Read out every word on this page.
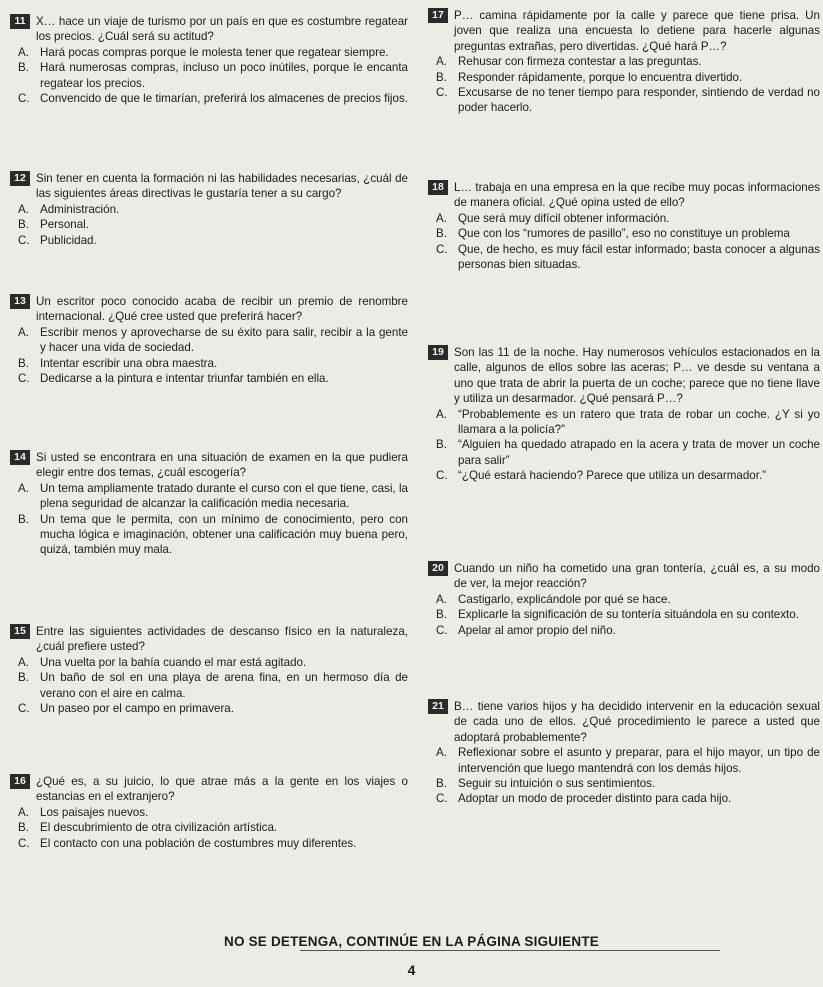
11 X… hace un viaje de turismo por un país en que es costumbre regatear los precios. ¿Cuál será su actitud?
A. Hará pocas compras porque le molesta tener que regatear siempre.
B. Hará numerosas compras, incluso un poco inútiles, porque le encanta regatear los precios.
C. Convencido de que le timarían, preferirá los almacenes de precios fijos.
12 Sin tener en cuenta la formación ni las habilidades necesarias, ¿cuál de las siguientes áreas directivas le gustaría tener a su cargo?
A. Administración.
B. Personal.
C. Publicidad.
13 Un escritor poco conocido acaba de recibir un premio de renombre internacional. ¿Qué cree usted que preferirá hacer?
A. Escribir menos y aprovecharse de su éxito para salir, recibir a la gente y hacer una vida de sociedad.
B. Intentar escribir una obra maestra.
C. Dedicarse a la pintura e intentar triunfar también en ella.
14 Si usted se encontrara en una situación de examen en la que pudiera elegir entre dos temas, ¿cuál escogería?
A. Un tema ampliamente tratado durante el curso con el que tiene, casi, la plena seguridad de alcanzar la calificación media necesaria.
B. Un tema que le permita, con un mínimo de conocimiento, pero con mucha lógica e imaginación, obtener una calificación muy buena pero, quizá, también muy mala.
15 Entre las siguientes actividades de descanso físico en la naturaleza, ¿cuál prefiere usted?
A. Una vuelta por la bahía cuando el mar está agitado.
B. Un baño de sol en una playa de arena fina, en un hermoso día de verano con el aire en calma.
C. Un paseo por el campo en primavera.
16 ¿Qué es, a su juicio, lo que atrae más a la gente en los viajes o estancias en el extranjero?
A. Los paisajes nuevos.
B. El descubrimiento de otra civilización artística.
C. El contacto con una población de costumbres muy diferentes.
17 P… camina rápidamente por la calle y parece que tiene prisa. Un joven que realiza una encuesta lo detiene para hacerle algunas preguntas extrañas, pero divertidas. ¿Qué hará P…?
A. Rehusar con firmeza contestar a las preguntas.
B. Responder rápidamente, porque lo encuentra divertido.
C. Excusarse de no tener tiempo para responder, sintiendo de verdad no poder hacerlo.
18 L… trabaja en una empresa en la que recibe muy pocas informaciones de manera oficial. ¿Qué opina usted de ello?
A. Que será muy difícil obtener información.
B. Que con los “rumores de pasillo”, eso no constituye un problema
C. Que, de hecho, es muy fácil estar informado; basta conocer a algunas personas bien situadas.
19 Son las 11 de la noche. Hay numerosos vehículos estacionados en la calle, algunos de ellos sobre las aceras; P… ve desde su ventana a uno que trata de abrir la puerta de un coche; parece que no tiene llave y utiliza un desarmador. ¿Qué pensará P…?
A. “Probablemente es un ratero que trata de robar un coche. ¿Y si yo llamara a la policía?”
B. “Alguien ha quedado atrapado en la acera y trata de mover un coche para salir”
C. “¿Qué estará haciendo? Parece que utiliza un desarmador.”
20 Cuando un niño ha cometido una gran tontería, ¿cuál es, a su modo de ver, la mejor reacción?
A. Castigarlo, explicándole por qué se hace.
B. Explicarle la significación de su tontería situándola en su contexto.
C. Apelar al amor propio del niño.
21 B… tiene varios hijos y ha decidido intervenir en la educación sexual de cada uno de ellos. ¿Qué procedimiento le parece a usted que adoptará probablemente?
A. Reflexionar sobre el asunto y preparar, para el hijo mayor, un tipo de intervención que luego mantendrá con los demás hijos.
B. Seguir su intuición o sus sentimientos.
C. Adoptar un modo de proceder distinto para cada hijo.
NO SE DETENGA, CONTINÚE EN LA PÁGINA SIGUIENTE
4
